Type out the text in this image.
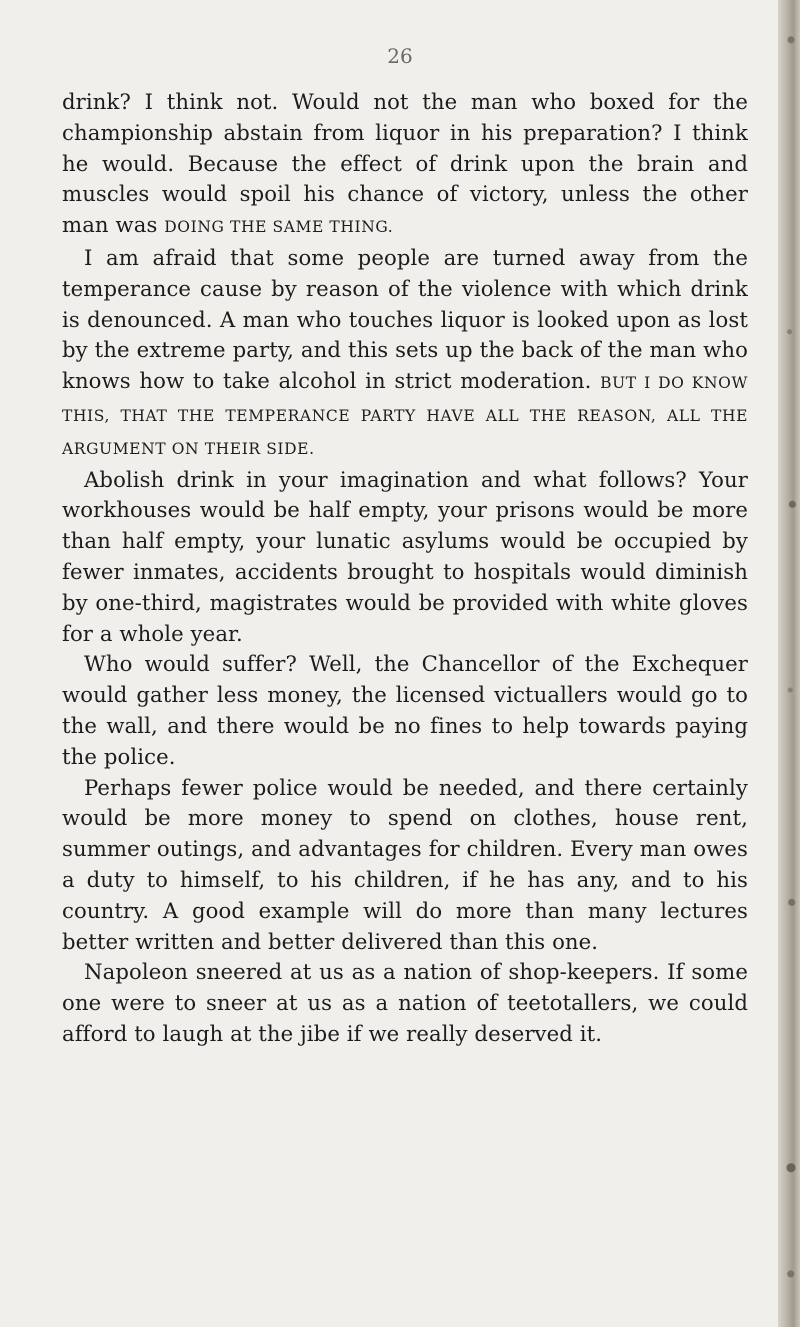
26

drink? I think not. Would not the man who boxed for the championship abstain from liquor in his preparation? I think he would. Because the effect of drink upon the brain and muscles would spoil his chance of victory, unless the other man was DOING THE SAME THING.

I am afraid that some people are turned away from the temperance cause by reason of the violence with which drink is denounced. A man who touches liquor is looked upon as lost by the extreme party, and this sets up the back of the man who knows how to take alcohol in strict moderation. BUT I DO KNOW THIS, THAT THE TEMPERANCE PARTY HAVE ALL THE REASON, ALL THE ARGUMENT ON THEIR SIDE.

Abolish drink in your imagination and what follows? Your workhouses would be half empty, your prisons would be more than half empty, your lunatic asylums would be occupied by fewer inmates, accidents brought to hospitals would diminish by one-third, magistrates would be provided with white gloves for a whole year.

Who would suffer? Well, the Chancellor of the Exchequer would gather less money, the licensed victuallers would go to the wall, and there would be no fines to help towards paying the police.

Perhaps fewer police would be needed, and there certainly would be more money to spend on clothes, house rent, summer outings, and advantages for children. Every man owes a duty to himself, to his children, if he has any, and to his country. A good example will do more than many lectures better written and better delivered than this one.

Napoleon sneered at us as a nation of shop-keepers. If some one were to sneer at us as a nation of teetotallers, we could afford to laugh at the jibe if we really deserved it.
